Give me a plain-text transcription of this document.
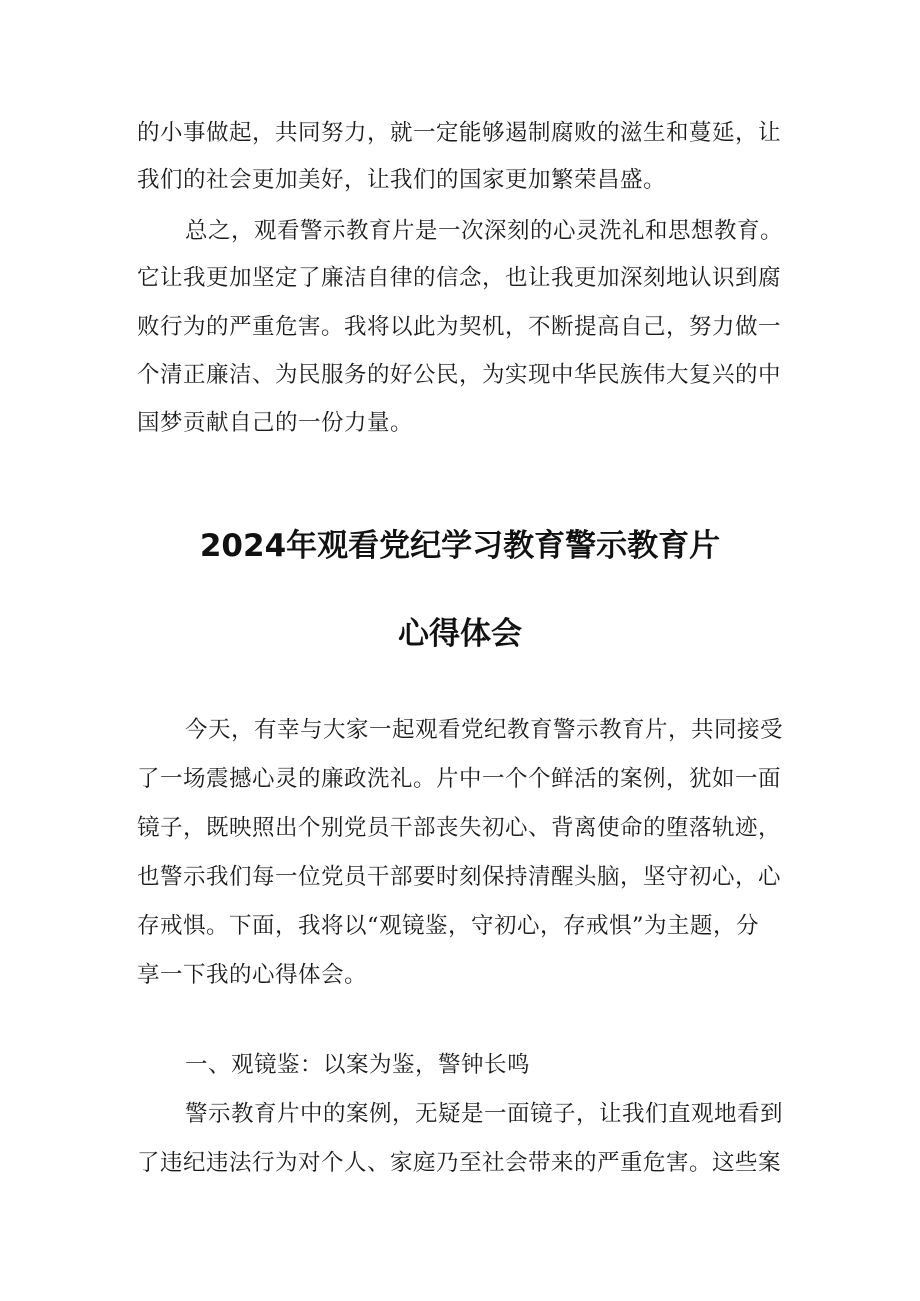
的小事做起，共同努力，就一定能够遏制腐败的滋生和蔓延，让

我们的社会更加美好，让我们的国家更加繁荣昌盛。

总之，观看警示教育片是一次深刻的心灵洗礼和思想教育。

它让我更加坚定了廉洁自律的信念，也让我更加深刻地认识到腐

败行为的严重危害。我将以此为契机，不断提高自己，努力做一

个清正廉洁、为民服务的好公民，为实现中华民族伟大复兴的中

国梦贡献自己的一份力量。

2024年观看党纪学习教育警示教育片
心得体会

今天，有幸与大家一起观看党纪教育警示教育片，共同接受

了一场震撼心灵的廉政洗礼。片中一个个鲜活的案例，犹如一面

镜子，既映照出个别党员干部丧失初心、背离使命的堕落轨迹，

也警示我们每一位党员干部要时刻保持清醒头脑，坚守初心，心

存戒惧。下面，我将以“观镜鉴，守初心，存戒惧”为主题，分

享一下我的心得体会。

一、观镜鉴：以案为鉴，警钟长鸣

警示教育片中的案例，无疑是一面镜子，让我们直观地看到

了违纪违法行为对个人、家庭乃至社会带来的严重危害。这些案
